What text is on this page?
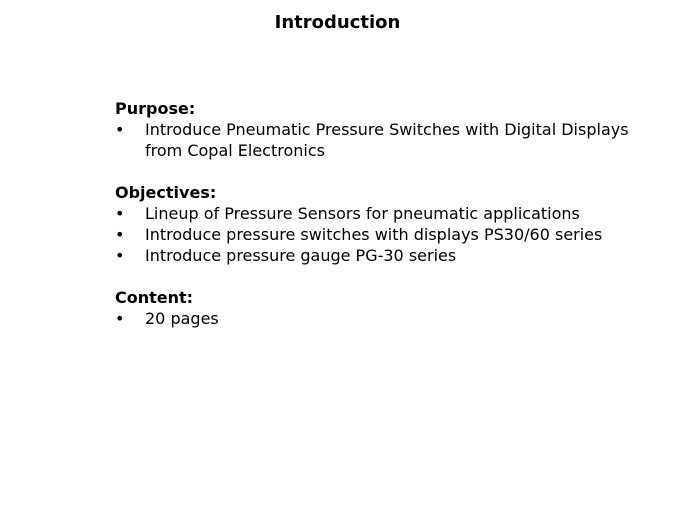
Introduction

Purpose:

• Introduce Pneumatic Pressure Switches with Digital Displays from Copal Electronics

Objectives:

• Lineup of Pressure Sensors for pneumatic applications
• Introduce pressure switches with displays PS30/60 series
• Introduce pressure gauge PG-30 series

Content:

• 20 pages
